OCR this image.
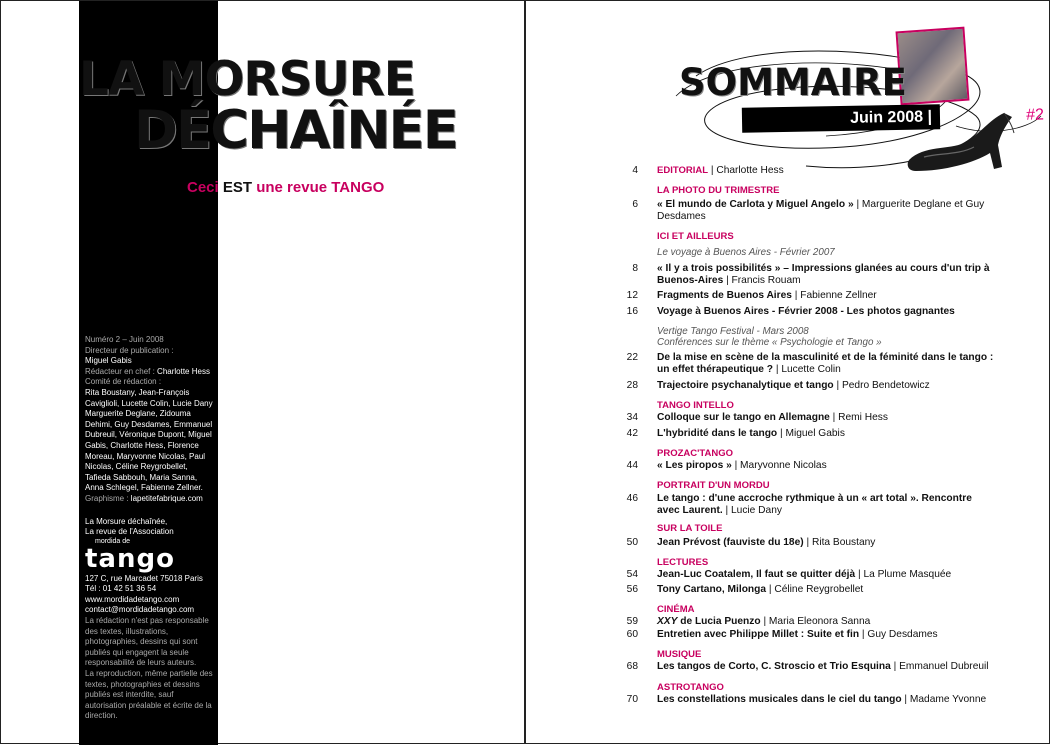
LA MORSURE
DÉCHAÎNÉE
Ceci EST une revue TANGO
Numéro 2 – Juin 2008
Directeur de publication :
Miguel Gabis
Rédacteur en chef : Charlotte Hess
Comité de rédaction :
Rita Boustany, Jean-François Caviglioli, Lucette Colin, Lucie Dany Marguerite Deglane, Zidouma Dehimi, Guy Desdames, Emmanuel Dubreuil, Véronique Dupont, Miguel Gabis, Charlotte Hess, Florence Moreau, Maryvonne Nicolas, Paul Nicolas, Céline Reygrobellet, Tafieda Sabbouh, Maria Sanna, Anna Schlegel, Fabienne Zellner.
Graphisme : lapetitefabrique.com
La Morsure déchaînée,
La revue de l'Association
mordida de
tango
127 C, rue Marcadet 75018 Paris
Tél : 01 42 51 36 54
www.mordidadetango.com
contact@mordidadetango.com
La rédaction n'est pas responsable des textes, illustrations, photographies, dessins qui sont publiés qui engagent la seule responsabilité de leurs auteurs.
La reproduction, même partielle des textes, photographies et dessins publiés est interdite, sauf autorisation préalable et écrite de la direction.
SOMMAIRE
Juin 2008 |	#2
4 EDITORIAL | Charlotte Hess
LA PHOTO DU TRIMESTRE
6 « El mundo de Carlota y Miguel Angelo » | Marguerite Deglane et Guy Desdames
ICI ET AILLEURS
Le voyage à Buenos Aires - Février 2007
8 « Il y a trois possibilités » – Impressions glanées au cours d'un trip à Buenos-Aires | Francis Rouam
12 Fragments de Buenos Aires | Fabienne Zellner
16 Voyage à Buenos Aires - Février 2008 - Les photos gagnantes
Vertige Tango Festival - Mars 2008
Conférences sur le thème « Psychologie et Tango »
22 De la mise en scène de la masculinité et de la féminité dans le tango : un effet thérapeutique ? | Lucette Colin
28 Trajectoire psychanalytique et tango | Pedro Bendetowicz
TANGO INTELLO
34 Colloque sur le tango en Allemagne | Remi Hess
42 L'hybridité dans le tango | Miguel Gabis
PROZAC'TANGO
44 « Les piropos » | Maryvonne Nicolas
PORTRAIT D'UN MORDU
46 Le tango : d'une accroche rythmique à un « art total ». Rencontre avec Laurent. | Lucie Dany
SUR LA TOILE
50 Jean Prévost (fauviste du 18e) | Rita Boustany
LECTURES
54 Jean-Luc Coatalem, Il faut se quitter déjà | La Plume Masquée
56 Tony Cartano, Milonga | Céline Reygrobellet
CINÉMA
59 XXY de Lucia Puenzo | Maria Eleonora Sanna
60 Entretien avec Philippe Millet : Suite et fin | Guy Desdames
MUSIQUE
68 Les tangos de Corto, C. Stroscio et Trio Esquina | Emmanuel Dubreuil
ASTROTANGO
70 Les constellations musicales dans le ciel du tango | Madame Yvonne
